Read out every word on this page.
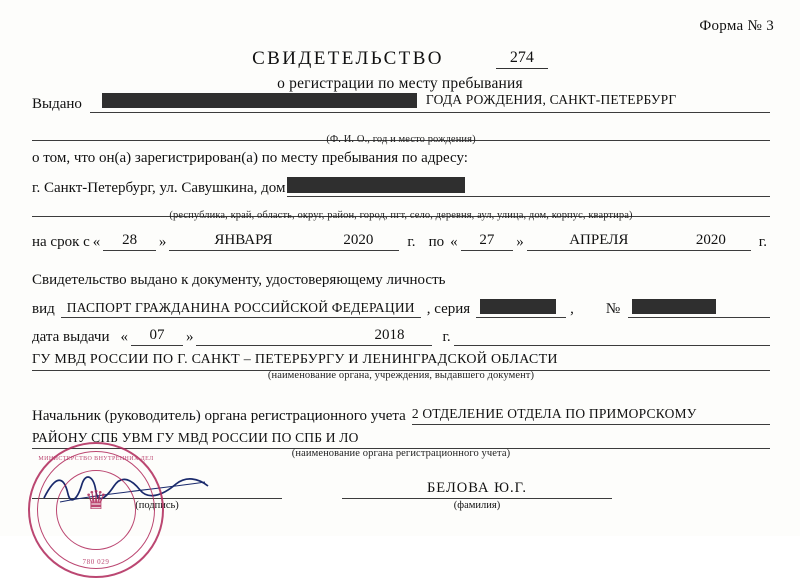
Форма № 3
СВИДЕТЕЛЬСТВО	274
о регистрации по месту пребывания
Выдано	ГОДА РОЖДЕНИЯ, САНКТ-ПЕТЕРБУРГ
(Ф. И. О., год и место рождения)
о том, что он(а) зарегистрирован(а) по месту пребывания по адресу:
г. Санкт-Петербург, ул. Савушкина, дом
(республика, край, область, округ, район, город, пгт, село, деревня, аул, улица, дом, корпус, квартира)
на срок с «	28	»	ЯНВАРЯ	2020	г. по «	27	»	АПРЕЛЯ	2020	г.
Свидетельство выдано к документу, удостоверяющему личность
вид ПАСПОРТ ГРАЖДАНИНА РОССИЙСКОЙ ФЕДЕРАЦИИ , серия	,	№
дата выдачи «	07	»	2018	г.
ГУ МВД РОССИИ ПО Г. САНКТ – ПЕТЕРБУРГУ И ЛЕНИНГРАДСКОЙ ОБЛАСТИ
(наименование органа, учреждения, выдавшего документ)
Начальник (руководитель) органа регистрационного учета 2 ОТДЕЛЕНИЕ ОТДЕЛА ПО ПРИМОРСКОМУ
РАЙОНУ СПБ УВМ ГУ МВД РОССИИ ПО СПБ И ЛО
(наименование органа регистрационного учета)
(подпись)
БЕЛОВА Ю.Г.
(фамилия)
МИНИСТЕРСТВО ВНУТРЕННИХ ДЕЛ
♛
780 029
